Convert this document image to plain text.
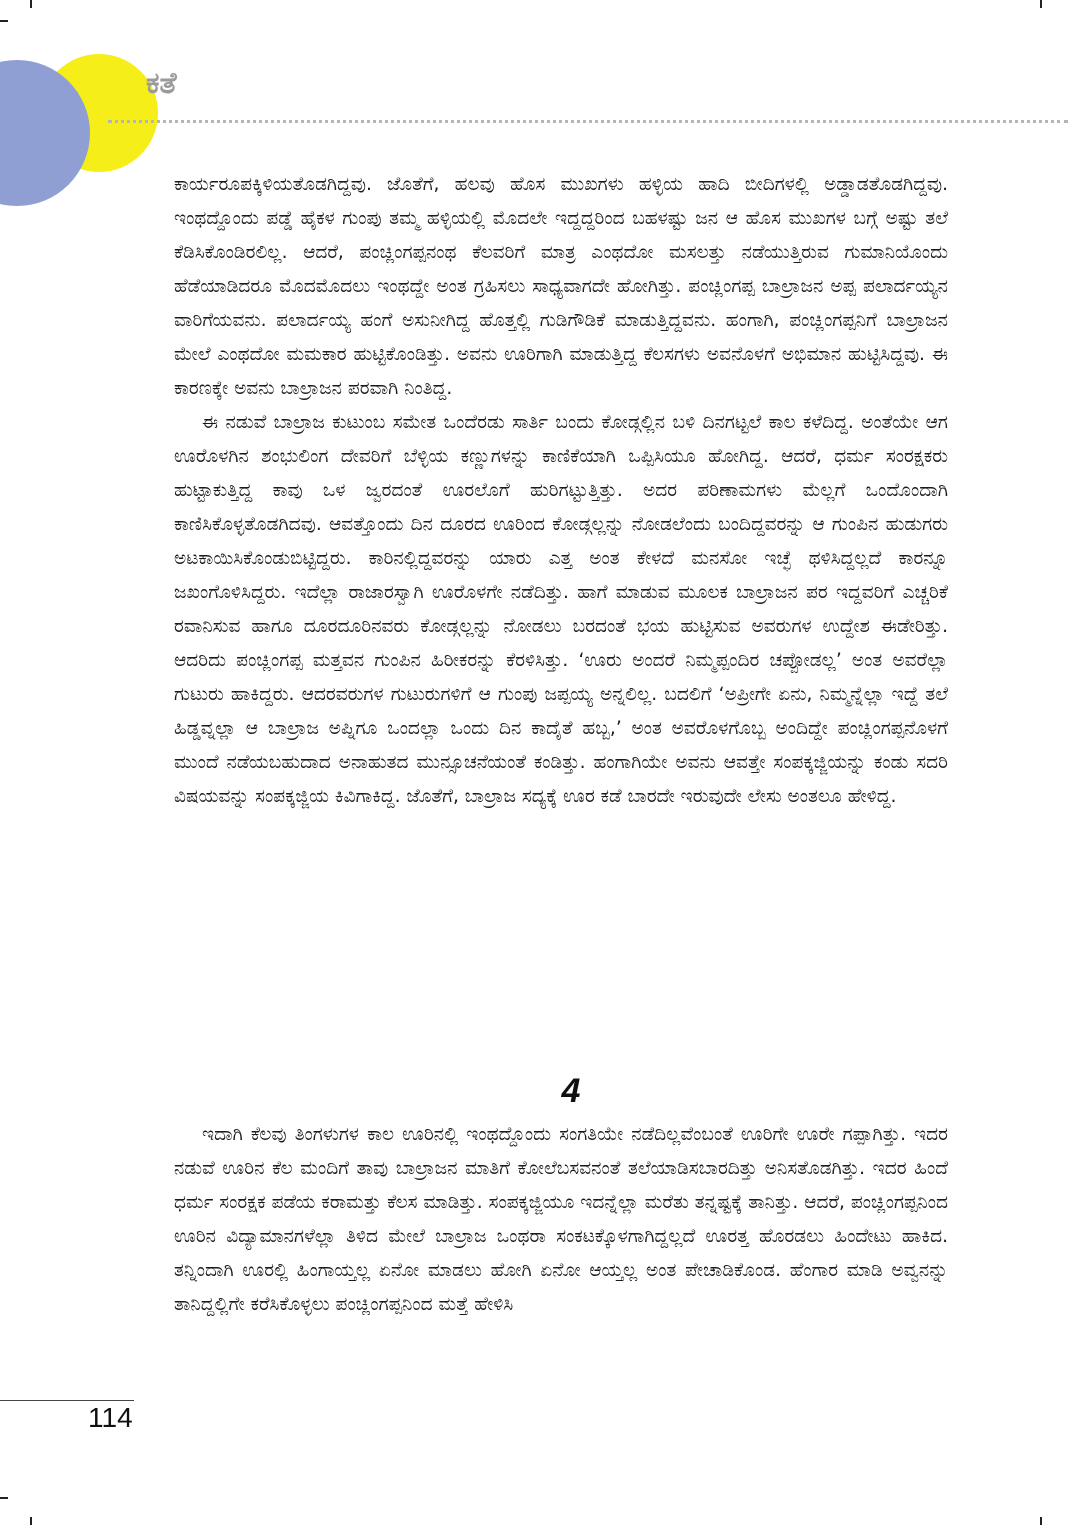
ಕತೆ

ಕಾರ್ಯರೂಪಕ್ಕಿಳಿಯತೊಡಗಿದ್ದವು. ಜೊತೆಗೆ, ಹಲವು ಹೊಸ ಮುಖಗಳು ಹಳ್ಳಿಯ ಹಾದಿ ಬೀದಿಗಳಲ್ಲಿ ಅಡ್ಡಾಡತೊಡಗಿದ್ದವು. ಇಂಥದ್ದೊಂದು ಪಡ್ಡೆ ಹೈಕಳ ಗುಂಪು ತಮ್ಮ ಹಳ್ಳಿಯಲ್ಲಿ ಮೊದಲೇ ಇದ್ದದ್ದರಿಂದ ಬಹಳಷ್ಟು ಜನ ಆ ಹೊಸ ಮುಖಗಳ ಬಗ್ಗೆ ಅಷ್ಟು ತಲೆ ಕೆಡಿಸಿಕೊಂಡಿರಲಿಲ್ಲ. ಆದರೆ, ಪಂಚ್ಲಿಂಗಪ್ಪನಂಥ ಕೆಲವರಿಗೆ ಮಾತ್ರ ಎಂಥದೋ ಮಸಲತ್ತು ನಡೆಯುತ್ತಿರುವ ಗುಮಾನಿಯೊಂದು ಹೆಡೆಯಾಡಿದರೂ ಮೊದಮೊದಲು ಇಂಥದ್ದೇ ಅಂತ ಗ್ರಹಿಸಲು ಸಾಧ್ಯವಾಗದೇ ಹೋಗಿತ್ತು. ಪಂಚ್ಲಿಂಗಪ್ಪ ಬಾಲ್ರಾಜನ ಅಪ್ಪ ಪಲಾರ್ದಯ್ಯನ ವಾರಿಗೆಯವನು. ಪಲಾರ್ದಯ್ಯ ಹಂಗೆ ಅಸುನೀಗಿದ್ದ ಹೊತ್ತಲ್ಲಿ ಗುಡಿಗೌಡಿಕೆ ಮಾಡುತ್ತಿದ್ದವನು. ಹಂಗಾಗಿ, ಪಂಚ್ಲಿಂಗಪ್ಪನಿಗೆ ಬಾಲ್ರಾಜನ ಮೇಲೆ ಎಂಥದೋ ಮಮಕಾರ ಹುಟ್ಟಿಕೊಂಡಿತ್ತು. ಅವನು ಊರಿಗಾಗಿ ಮಾಡುತ್ತಿದ್ದ ಕೆಲಸಗಳು ಅವನೊಳಗೆ ಅಭಿಮಾನ ಹುಟ್ಟಿಸಿದ್ದವು. ಈ ಕಾರಣಕ್ಕೇ ಅವನು ಬಾಲ್ರಾಜನ ಪರವಾಗಿ ನಿಂತಿದ್ದ.

ಈ ನಡುವೆ ಬಾಲ್ರಾಜ ಕುಟುಂಬ ಸಮೇತ ಒಂದೆರಡು ಸಾರ್ತಿ ಬಂದು ಕೋಡ್ಗಲ್ಲಿನ ಬಳಿ ದಿನಗಟ್ಟಲೆ ಕಾಲ ಕಳೆದಿದ್ದ. ಅಂತೆಯೇ ಆಗ ಊರೊಳಗಿನ ಶಂಭುಲಿಂಗ ದೇವರಿಗೆ ಬೆಳ್ಳಿಯ ಕಣ್ಣುಗಳನ್ನು ಕಾಣಿಕೆಯಾಗಿ ಒಪ್ಪಿಸಿಯೂ ಹೋಗಿದ್ದ. ಆದರೆ, ಧರ್ಮ ಸಂರಕ್ಷಕರು ಹುಟ್ಟಾಕುತ್ತಿದ್ದ ಕಾವು ಒಳ ಜ್ವರದಂತೆ ಊರಲೊಗೆ ಹುರಿಗಟ್ಟುತ್ತಿತ್ತು. ಅದರ ಪರಿಣಾಮಗಳು ಮೆಲ್ಲಗೆ ಒಂದೊಂದಾಗಿ ಕಾಣಿಸಿಕೊಳ್ಳತೊಡಗಿದವು. ಆವತ್ತೊಂದು ದಿನ ದೂರದ ಊರಿಂದ ಕೋಡ್ಗಲ್ಲನ್ನು ನೋಡಲೆಂದು ಬಂದಿದ್ದವರನ್ನು ಆ ಗುಂಪಿನ ಹುಡುಗರು ಅಟಕಾಯಿಸಿಕೊಂಡುಬಿಟ್ಟಿದ್ದರು. ಕಾರಿನಲ್ಲಿದ್ದವರನ್ನು ಯಾರು ಎತ್ತ ಅಂತ ಕೇಳದೆ ಮನಸೋ ಇಚ್ಛೆ ಥಳಿಸಿದ್ದಲ್ಲದೆ ಕಾರನ್ನೂ ಜಖಂಗೊಳಿಸಿದ್ದರು. ಇದೆಲ್ಲಾ ರಾಜಾರಸ್ವಾಗಿ ಊರೊಳಗೇ ನಡೆದಿತ್ತು. ಹಾಗೆ ಮಾಡುವ ಮೂಲಕ ಬಾಲ್ರಾಜನ ಪರ ಇದ್ದವರಿಗೆ ಎಚ್ಚರಿಕೆ ರವಾನಿಸುವ ಹಾಗೂ ದೂರದೂರಿನವರು ಕೋಡ್ಗಲ್ಲನ್ನು ನೋಡಲು ಬರದಂತೆ ಭಯ ಹುಟ್ಟಿಸುವ ಅವರುಗಳ ಉದ್ದೇಶ ಈಡೇರಿತ್ತು. ಆದರಿದು ಪಂಚ್ಲಿಂಗಪ್ಪ ಮತ್ತವನ ಗುಂಪಿನ ಹಿರೀಕರನ್ನು ಕೆರಳಿಸಿತ್ತು. ‘ಊರು ಅಂದರೆ ನಿಮ್ಮಪ್ಪಂದಿರ ಚಪ್ಪೋಡಲ್ಲ’ ಅಂತ ಅವರೆಲ್ಲಾ ಗುಟುರು ಹಾಕಿದ್ದರು. ಆದರವರುಗಳ ಗುಟುರುಗಳಿಗೆ ಆ ಗುಂಪು ಜಪ್ಪಯ್ಯ ಅನ್ನಲಿಲ್ಲ. ಬದಲಿಗೆ ‘ಅಪ್ರೀಗೇ ಏನು, ನಿಮ್ಮನ್ನೆಲ್ಲಾ ಇದ್ದೆ ತಲೆ ಹಿಡ್ಡವ್ನಲ್ಲಾ ಆ ಬಾಲ್ರಾಜ ಅಪ್ನಿಗೂ ಒಂದಲ್ಲಾ ಒಂದು ದಿನ ಕಾದೈತೆ ಹಬ್ಬ,’ ಅಂತ ಅವರೊಳಗೊಬ್ಬ ಅಂದಿದ್ದೇ ಪಂಚ್ಲಿಂಗಪ್ಪನೊಳಗೆ ಮುಂದೆ ನಡೆಯಬಹುದಾದ ಅನಾಹುತದ ಮುನ್ಸೂಚನೆಯಂತೆ ಕಂಡಿತ್ತು. ಹಂಗಾಗಿಯೇ ಅವನು ಆವತ್ತೇ ಸಂಪಕ್ಕಜ್ಜಿಯನ್ನು ಕಂಡು ಸದರಿ ವಿಷಯವನ್ನು ಸಂಪಕ್ಕಜ್ಜಿಯ ಕಿವಿಗಾಕಿದ್ದ. ಜೊತೆಗೆ, ಬಾಲ್ರಾಜ ಸದ್ಯಕ್ಕೆ ಊರ ಕಡೆ ಬಾರದೇ ಇರುವುದೇ ಲೇಸು ಅಂತಲೂ ಹೇಳಿದ್ದ.

4

ಇದಾಗಿ ಕೆಲವು ತಿಂಗಳುಗಳ ಕಾಲ ಊರಿನಲ್ಲಿ ಇಂಥದ್ದೊಂದು ಸಂಗತಿಯೇ ನಡೆದಿಲ್ಲವೆಂಬಂತೆ ಊರಿಗೇ ಊರೇ ಗಪ್ಪಾಗಿತ್ತು. ಇದರ ನಡುವೆ ಊರಿನ ಕೆಲ ಮಂದಿಗೆ ತಾವು ಬಾಲ್ರಾಜನ ಮಾತಿಗೆ ಕೋಲೆಬಸವನಂತೆ ತಲೆಯಾಡಿಸಬಾರದಿತ್ತು ಅನಿಸತೊಡಗಿತ್ತು. ಇದರ ಹಿಂದೆ ಧರ್ಮ ಸಂರಕ್ಷಕ ಪಡೆಯ ಕರಾಮತ್ತು ಕೆಲಸ ಮಾಡಿತ್ತು. ಸಂಪಕ್ಕಜ್ಜಿಯೂ ಇದನ್ನೆಲ್ಲಾ ಮರೆತು ತನ್ನಷ್ಟಕ್ಕೆ ತಾನಿತ್ತು. ಆದರೆ, ಪಂಚ್ಲಿಂಗಪ್ಪನಿಂದ ಊರಿನ ವಿದ್ಯಾಮಾನಗಳೆಲ್ಲಾ ತಿಳಿದ ಮೇಲೆ ಬಾಲ್ರಾಜ ಒಂಥರಾ ಸಂಕಟಕ್ಕೊಳಗಾಗಿದ್ದಲ್ಲದೆ ಊರತ್ತ ಹೊರಡಲು ಹಿಂದೇಟು ಹಾಕಿದ. ತನ್ನಿಂದಾಗಿ ಊರಲ್ಲಿ ಹಿಂಗಾಯ್ತಲ್ಲ ಏನೋ ಮಾಡಲು ಹೋಗಿ ಏನೋ ಆಯ್ತಲ್ಲ ಅಂತ ಪೇಚಾಡಿಕೊಂಡ. ಹೆಂಗಾರ ಮಾಡಿ ಅವ್ವನನ್ನು ತಾನಿದ್ದಲ್ಲಿಗೇ ಕರೆಸಿಕೊಳ್ಳಲು ಪಂಚ್ಲಿಂಗಪ್ಪನಿಂದ ಮತ್ತೆ ಹೇಳಿಸಿ

114
